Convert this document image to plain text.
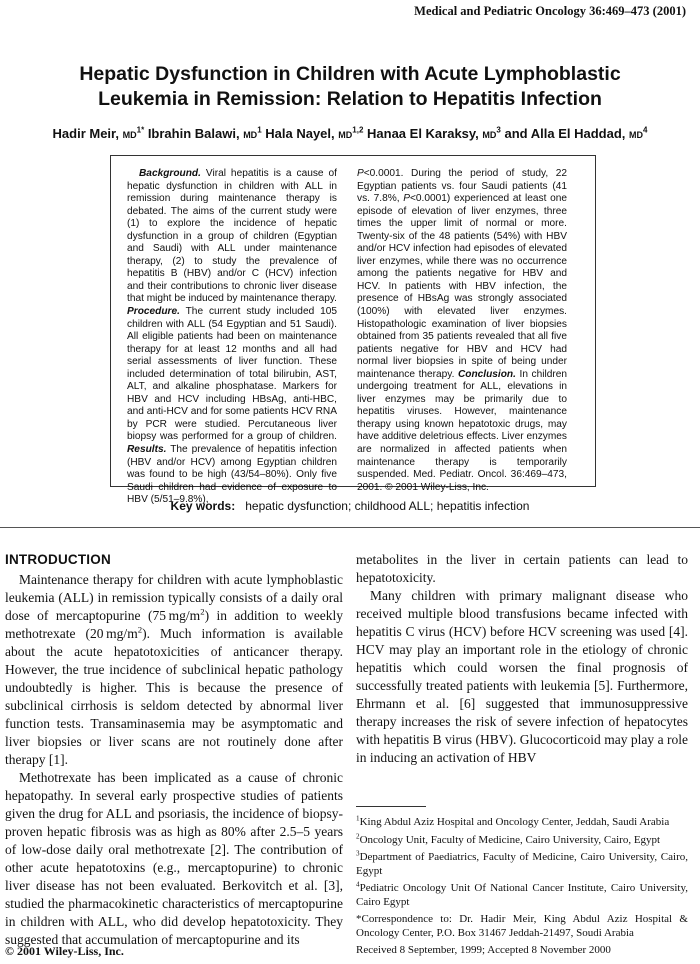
Medical and Pediatric Oncology 36:469–473 (2001)
Hepatic Dysfunction in Children with Acute Lymphoblastic
Leukemia in Remission: Relation to Hepatitis Infection
Hadir Meir, $MD^{1*}$ Ibrahin Balawi, $MD^1$ Hala Nayel, MD$^{1,2}$ Hanaa El Karaksy, $MD^3$ and Alla El Haddad, $MD^4$

Background. Viral hepatitis is a cause of hepatic dysfunction in children with ALL in remission during maintenance therapy is debated. The aims of the current study were (1) to explore the incidence of hepatic dysfunction in a group of children (Egyptian and Saudi) with ALL under maintenance therapy, (2) to study the prevalence of hepatitis B (HBV) and/or C (HCV) infection and their contributions to chronic liver disease that might be induced by maintenance therapy. Procedure. The current study included 105 children with ALL (54 Egyptian and 51 Saudi). All eligible patients had been on maintenance therapy for at least 12 months and all had serial assessments of liver function. These included determination of total bilirubin, AST, ALT, and alkaline phosphatase. Markers for HBV and HCV including HBsAg, anti-HBC, and anti-HCV and for some patients HCV RNA by PCR were studied. Percutaneous liver biopsy was performed for a group of children. Results. The prevalence of hepatitis infection (HBV and/or HCV) among Egyptian children was found to be high (43/54–80%). Only five Saudi children had evidence of exposure to HBV (5/51–9.8%),

P<0.0001. During the period of study, 22 Egyptian patients vs. four Saudi patients (41 vs. 7.8%, P<0.0001) experienced at least one episode of elevation of liver enzymes, three times the upper limit of normal or more. Twenty-six of the 48 patients (54%) with HBV and/or HCV infection had episodes of elevated liver enzymes, while there was no occurrence among the patients negative for HBV and HCV. In patients with HBV infection, the presence of HBsAg was strongly associated (100%) with elevated liver enzymes. Histopathologic examination of liver biopsies obtained from 35 patients revealed that all five patients negative for HBV and HCV had normal liver biopsies in spite of being under maintenance therapy. Conclusion. In children undergoing treatment for ALL, elevations in liver enzymes may be primarily due to hepatitis viruses. However, maintenance therapy using known hepatotoxic drugs, may have additive deletrious effects. Liver enzymes are normalized in affected patients when maintenance therapy is temporarily suspended. Med. Pediatr. Oncol. 36:469–473, 2001. © 2001 Wiley-Liss, Inc.

Key words: hepatic dysfunction; childhood ALL; hepatitis infection
INTRODUCTION

Maintenance therapy for children with acute lymphoblastic leukemia (ALL) in remission typically consists of a daily oral dose of mercaptopurine (75 $mg/m^2$) in addition to weekly methotrexate (20 $mg/m^2$). Much information is available about the acute hepatotoxicities of anticancer therapy. However, the true incidence of subclinical hepatic pathology undoubtedly is higher. This is because the presence of subclinical cirrhosis is seldom detected by abnormal liver function tests. Transaminasemia may be asymptomatic and liver biopsies or liver scans are not routinely done after therapy [1].

Methotrexate has been implicated as a cause of chronic hepatopathy. In several early prospective studies of patients given the drug for ALL and psoriasis, the incidence of biopsy-proven hepatic fibrosis was as high as 80% after 2.5–5 years of low-dose daily oral methotrexate [2]. The contribution of other acute hepatotoxins (e.g., mercaptopurine) to chronic liver disease has not been evaluated. Berkovitch et al. [3], studied the pharmacokinetic characteristics of mercaptopurine in children with ALL, who did develop hepatotoxicity. They suggested that accumulation of mercaptopurine and its

metabolites in the liver in certain patients can lead to hepatotoxicity.

Many children with primary malignant disease who received multiple blood transfusions became infected with hepatitis C virus (HCV) before HCV screening was used [4]. HCV may play an important role in the etiology of chronic hepatitis which could worsen the final prognosis of successfully treated patients with leukemia [5]. Furthermore, Ehrmann et al. [6] suggested that immunosuppressive therapy increases the risk of severe infection of hepatocytes with hepatitis B virus (HBV). Glucocorticoid may play a role in inducing an activation of HBV

$^1$King Abdul Aziz Hospital and Oncology Center, Jeddah, Saudi Arabia

$^2$Oncology Unit, Faculty of Medicine, Cairo University, Cairo, Egypt

$^3$Department of Paediatrics, Faculty of Medicine, Cairo University, Cairo, Egypt

$^4$Pediatric Oncology Unit Of National Cancer Institute, Cairo University, Cairo Egypt

*Correspondence to: Dr. Hadir Meir, King Abdul Aziz Hospital & Oncology Center, P.O. Box 31467 Jeddah-21497, Soudi Arabia

Received 8 September, 1999; Accepted 8 November 2000

© 2001 Wiley-Liss, Inc.
